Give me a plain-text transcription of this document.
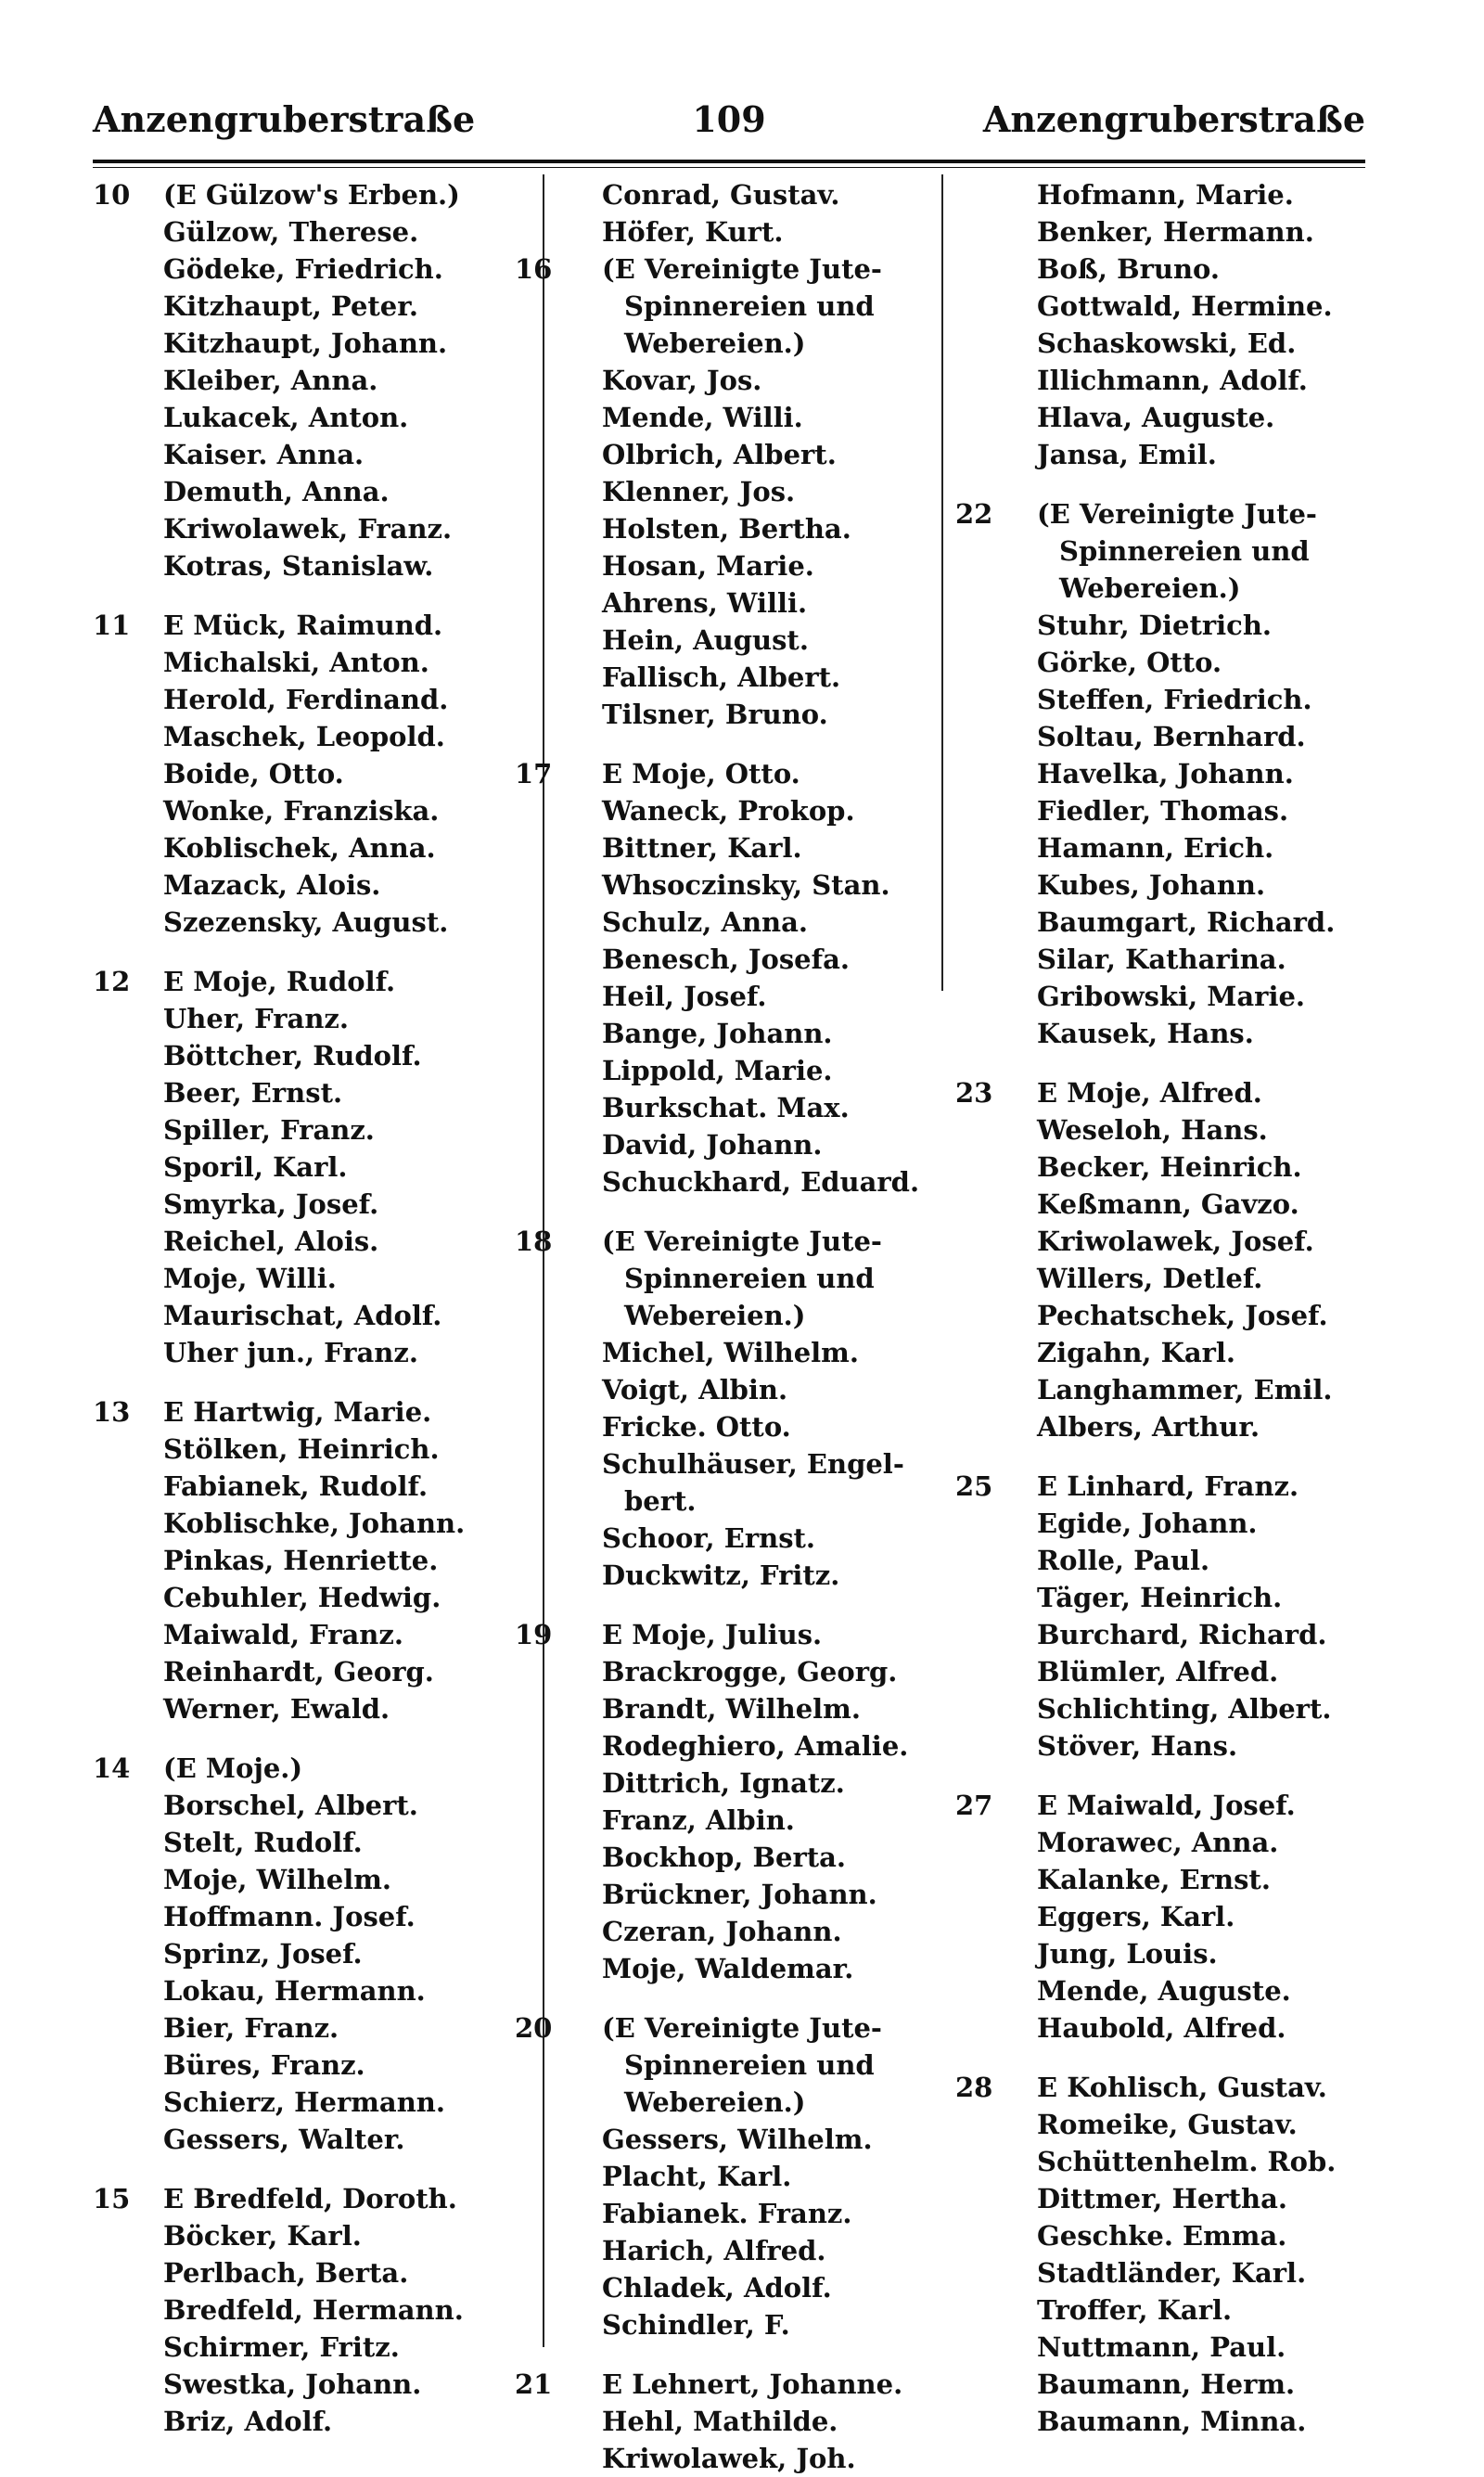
Anzengruberstraße	109	Anzengruberstraße
10	(E Gülzow's Erben.)
Gülzow, Therese.
Gödeke, Friedrich.
Kitzhaupt, Peter.
Kitzhaupt, Johann.
Kleiber, Anna.
Lukacek, Anton.
Kaiser. Anna.
Demuth, Anna.
Kriwolawek, Franz.
Kotras, Stanislaw.
11	E Mück, Raimund.
Michalski, Anton.
Herold, Ferdinand.
Maschek, Leopold.
Boide, Otto.
Wonke, Franziska.
Koblischek, Anna.
Mazack, Alois.
Szezensky, August.
12	E Moje, Rudolf.
Uher, Franz.
Böttcher, Rudolf.
Beer, Ernst.
Spiller, Franz.
Sporil, Karl.
Smyrka, Josef.
Reichel, Alois.
Moje, Willi.
Maurischat, Adolf.
Uher jun., Franz.
13	E Hartwig, Marie.
Stölken, Heinrich.
Fabianek, Rudolf.
Koblischke, Johann.
Pinkas, Henriette.
Cebuhler, Hedwig.
Maiwald, Franz.
Reinhardt, Georg.
Werner, Ewald.
14	(E Moje.)
Borschel, Albert.
Stelt, Rudolf.
Moje, Wilhelm.
Hoffmann. Josef.
Sprinz, Josef.
Lokau, Hermann.
Bier, Franz.
Büres, Franz.
Schierz, Hermann.
Gessers, Walter.
15	E Bredfeld, Doroth.
Böcker, Karl.
Perlbach, Berta.
Bredfeld, Hermann.
Schirmer, Fritz.
Swestka, Johann.
Briz, Adolf.
Conrad, Gustav.
Höfer, Kurt.
16	(E Vereinigte Jute-
Spinnereien und
Webereien.)
Kovar, Jos.
Mende, Willi.
Olbrich, Albert.
Klenner, Jos.
Holsten, Bertha.
Hosan, Marie.
Ahrens, Willi.
Hein, August.
Fallisch, Albert.
Tilsner, Bruno.
17	E Moje, Otto.
Waneck, Prokop.
Bittner, Karl.
Whsoczinsky, Stan.
Schulz, Anna.
Benesch, Josefa.
Heil, Josef.
Bange, Johann.
Lippold, Marie.
Burkschat. Max.
David, Johann.
Schuckhard, Eduard.
18	(E Vereinigte Jute-
Spinnereien und
Webereien.)
Michel, Wilhelm.
Voigt, Albin.
Fricke. Otto.
Schulhäuser, Engel-
bert.
Schoor, Ernst.
Duckwitz, Fritz.
19	E Moje, Julius.
Brackrogge, Georg.
Brandt, Wilhelm.
Rodeghiero, Amalie.
Dittrich, Ignatz.
Franz, Albin.
Bockhop, Berta.
Brückner, Johann.
Czeran, Johann.
Moje, Waldemar.
20	(E Vereinigte Jute-
Spinnereien und
Webereien.)
Gessers, Wilhelm.
Placht, Karl.
Fabianek. Franz.
Harich, Alfred.
Chladek, Adolf.
Schindler, F.
21	E Lehnert, Johanne.
Hehl, Mathilde.
Kriwolawek, Joh.
Hofmann, Marie.
Benker, Hermann.
Boß, Bruno.
Gottwald, Hermine.
Schaskowski, Ed.
Illichmann, Adolf.
Hlava, Auguste.
Jansa, Emil.
22	(E Vereinigte Jute-
Spinnereien und
Webereien.)
Stuhr, Dietrich.
Görke, Otto.
Steffen, Friedrich.
Soltau, Bernhard.
Havelka, Johann.
Fiedler, Thomas.
Hamann, Erich.
Kubes, Johann.
Baumgart, Richard.
Silar, Katharina.
Gribowski, Marie.
Kausek, Hans.
23	E Moje, Alfred.
Weseloh, Hans.
Becker, Heinrich.
Keßmann, Gavzo.
Kriwolawek, Josef.
Willers, Detlef.
Pechatschek, Josef.
Zigahn, Karl.
Langhammer, Emil.
Albers, Arthur.
25	E Linhard, Franz.
Egide, Johann.
Rolle, Paul.
Täger, Heinrich.
Burchard, Richard.
Blümler, Alfred.
Schlichting, Albert.
Stöver, Hans.
27	E Maiwald, Josef.
Morawec, Anna.
Kalanke, Ernst.
Eggers, Karl.
Jung, Louis.
Mende, Auguste.
Haubold, Alfred.
28	E Kohlisch, Gustav.
Romeike, Gustav.
Schüttenhelm. Rob.
Dittmer, Hertha.
Geschke. Emma.
Stadtländer, Karl.
Troffer, Karl.
Nuttmann, Paul.
Baumann, Herm.
Baumann, Minna.
